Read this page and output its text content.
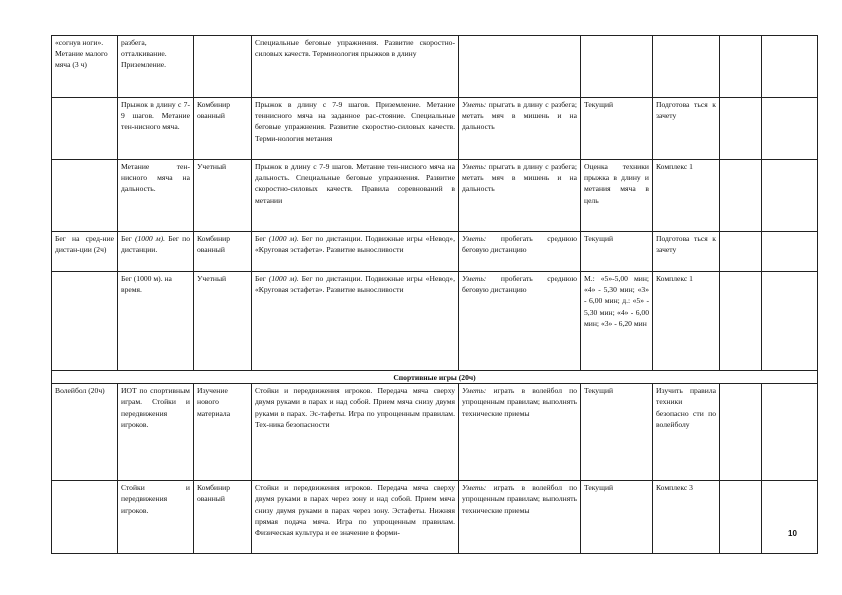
«согнув ноги». Метание малого мяча (3 ч)	разбега, отталкивание. Приземление.		Специальные беговые упражнения. Развитие скоростно-силовых качеств. Терминология прыжков в длину					
	Прыжок в длину с 7-9 шагов. Метание тен-нисного мяча.	Комбинир ованный	Прыжок в длину с 7-9 шагов. Приземление. Метание теннисного мяча на заданное рас-стояние. Специальные беговые упражнения. Развитие скоростно-силовых качеств. Терми-нология метания	Уметь: прыгать в длину с разбега; метать мяч в мишень и на дальность	Текущий	Подготова ться к зачету		
	Метание тен-нисного мяча на дальность.	Учетный	Прыжок в длину с 7-9 шагов. Метание тен-нисного мяча на дальность. Специальные беговые упражнения. Развитие скоростно-силовых качеств. Правила соревнований в метании	Уметь: прыгать в длину с разбега; метать мяч в мишень и на дальность	Оценка техники прыжка в длину и метания мяча в цель	Комплекс 1		
Бег на сред-ние дистан-ции (2ч)	Бег (1000 м). Бег по дистанции.	Комбинир ованный	Бег (1000 м). Бег по дистанции. Подвижные игры «Невод», «Круговая эстафета». Развитие выносливости	Уметь: пробегать среднюю беговую дистанцию	Текущий	Подготова ться к зачету		
	Бег (1000 м). на время.	Учетный	Бег (1000 м). Бег по дистанции. Подвижные игры «Невод», «Круговая эстафета». Развитие выносливости	Уметь: пробегать среднюю беговую дистанцию	М.: «5»-5,00 мин; «4» - 5,30 мин; «3» - 6,00 мин; д.: «5» - 5,30 мин; «4» - 6,00 мин; «3» - 6,20 мин	Комплекс 1		
Спортивные игры (20ч)								
Волейбол (20ч)	ИОТ по спортивным играм. Стойки и передвижения игроков.	Изучение нового материала	Стойки и передвижения игроков. Передача мяча сверху двумя руками в парах и над собой. Прием мяча снизу двумя руками в парах. Эс-тафеты. Игра по упрощенным правилам. Тех-ника безопасности	Уметь: играть в волейбол по упрощенным правилам; выполнять технические приемы	Текущий	Изучить правила техники безопасно сти по волейболу		
	Стойки и передвижения игроков.	Комбинир ованный	Стойки и передвижения игроков. Передача мяча сверху двумя руками в парах через зону и над собой. Прием мяча снизу двумя руками в парах через зону. Эстафеты. Нижняя прямая подача мяча. Игра по упрощенным правилам. Физическая культура и ее значение в форми-	Уметь: играть в волейбол по упрощенным правилам; выполнять технические приемы	Текущий	Комплекс 3		
10
